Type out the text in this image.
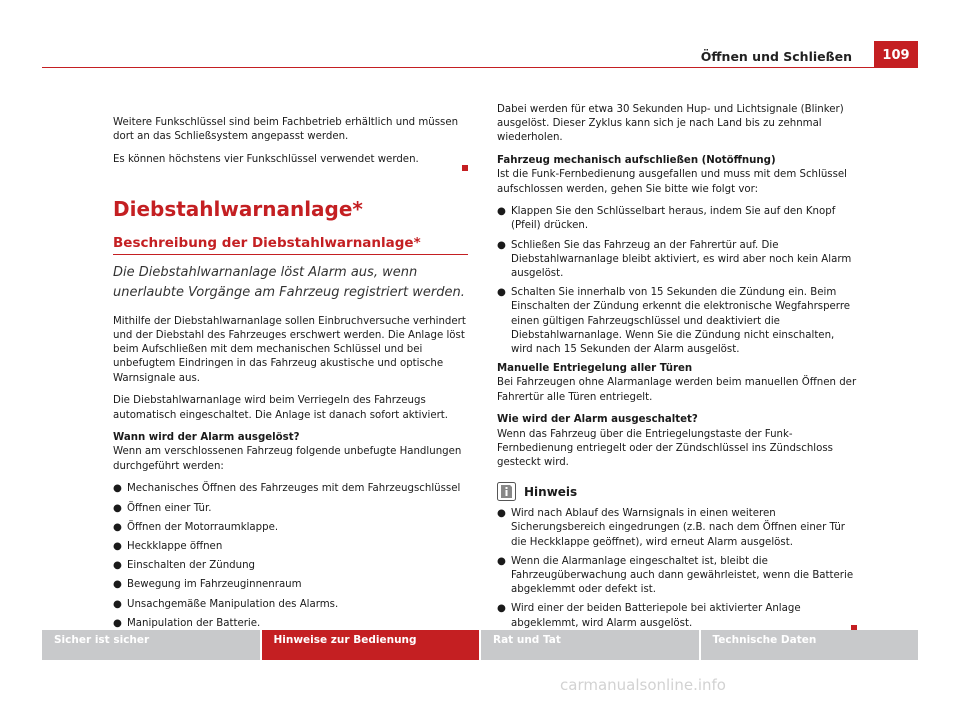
Öffnen und Schließen	109

Weitere Funkschlüssel sind beim Fachbetrieb erhältlich und müssen dort an das Schließsystem angepasst werden.

Es können höchstens vier Funkschlüssel verwendet werden.

Diebstahlwarnanlage*
Beschreibung der Diebstahlwarnanlage*
Die Diebstahlwarnanlage löst Alarm aus, wenn unerlaubte Vorgänge am Fahrzeug registriert werden.

Mithilfe der Diebstahlwarnanlage sollen Einbruchversuche verhindert und der Diebstahl des Fahrzeuges erschwert werden. Die Anlage löst beim Aufschließen mit dem mechanischen Schlüssel und bei unbefugtem Eindringen in das Fahrzeug akustische und optische Warnsignale aus.

Die Diebstahlwarnanlage wird beim Verriegeln des Fahrzeugs automatisch eingeschaltet. Die Anlage ist danach sofort aktiviert.

Wann wird der Alarm ausgelöst?

Wenn am verschlossenen Fahrzeug folgende unbefugte Handlungen durchgeführt werden:

● Mechanisches Öffnen des Fahrzeuges mit dem Fahrzeugschlüssel
● Öffnen einer Tür.
● Öffnen der Motorraumklappe.
● Heckklappe öffnen
● Einschalten der Zündung
● Bewegung im Fahrzeuginnenraum
● Unsachgemäße Manipulation des Alarms.
● Manipulation der Batterie.

Dabei werden für etwa 30 Sekunden Hup- und Lichtsignale (Blinker) ausgelöst. Dieser Zyklus kann sich je nach Land bis zu zehnmal wiederholen.

Fahrzeug mechanisch aufschließen (Notöffnung)

Ist die Funk-Fernbedienung ausgefallen und muss mit dem Schlüssel aufschlossen werden, gehen Sie bitte wie folgt vor:

● Klappen Sie den Schlüsselbart heraus, indem Sie auf den Knopf (Pfeil) drücken.
● Schließen Sie das Fahrzeug an der Fahrertür auf. Die Diebstahlwarnanlage bleibt aktiviert, es wird aber noch kein Alarm ausgelöst.
● Schalten Sie innerhalb von 15 Sekunden die Zündung ein. Beim Einschalten der Zündung erkennt die elektronische Wegfahrsperre einen gültigen Fahrzeugschlüssel und deaktiviert die Diebstahlwarnanlage. Wenn Sie die Zündung nicht einschalten, wird nach 15 Sekunden der Alarm ausgelöst.

Manuelle Entriegelung aller Türen

Bei Fahrzeugen ohne Alarmanlage werden beim manuellen Öffnen der Fahrertür alle Türen entriegelt.

Wie wird der Alarm ausgeschaltet?

Wenn das Fahrzeug über die Entriegelungstaste der Funk-Fernbedienung entriegelt oder der Zündschlüssel ins Zündschloss gesteckt wird.

Hinweis
● Wird nach Ablauf des Warnsignals in einen weiteren Sicherungsbereich eingedrungen (z.B. nach dem Öffnen einer Tür die Heckklappe geöffnet), wird erneut Alarm ausgelöst.
● Wenn die Alarmanlage eingeschaltet ist, bleibt die Fahrzeugüberwachung auch dann gewährleistet, wenn die Batterie abgeklemmt oder defekt ist.
● Wird einer der beiden Batteriepole bei aktivierter Anlage abgeklemmt, wird Alarm ausgelöst.
Sicher ist sicher	Hinweise zur Bedienung	Rat und Tat	Technische Daten
carmanualsonline.info
